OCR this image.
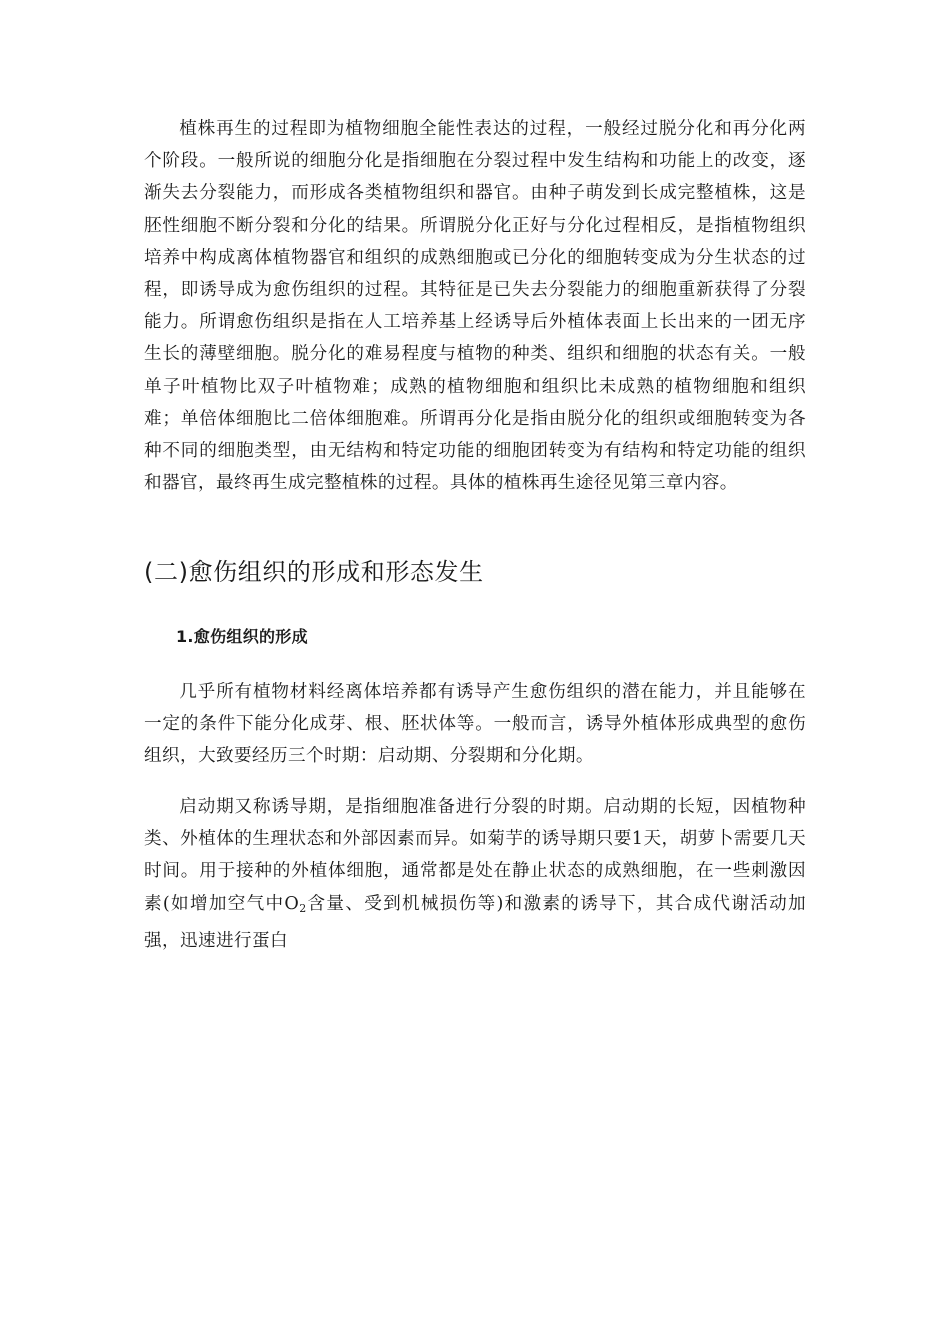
植株再生的过程即为植物细胞全能性表达的过程，一般经过脱分化和再分化两个阶段。一般所说的细胞分化是指细胞在分裂过程中发生结构和功能上的改变，逐渐失去分裂能力，而形成各类植物组织和器官。由种子萌发到长成完整植株，这是胚性细胞不断分裂和分化的结果。所谓脱分化正好与分化过程相反，是指植物组织培养中构成离体植物器官和组织的成熟细胞或已分化的细胞转变成为分生状态的过程，即诱导成为愈伤组织的过程。其特征是已失去分裂能力的细胞重新获得了分裂能力。所谓愈伤组织是指在人工培养基上经诱导后外植体表面上长出来的一团无序生长的薄壁细胞。脱分化的难易程度与植物的种类、组织和细胞的状态有关。一般单子叶植物比双子叶植物难；成熟的植物细胞和组织比未成熟的植物细胞和组织难；单倍体细胞比二倍体细胞难。所谓再分化是指由脱分化的组织或细胞转变为各种不同的细胞类型，由无结构和特定功能的细胞团转变为有结构和特定功能的组织和器官，最终再生成完整植株的过程。具体的植株再生途径见第三章内容。

(二)愈伤组织的形成和形态发生
1.愈伤组织的形成

几乎所有植物材料经离体培养都有诱导产生愈伤组织的潜在能力，并且能够在一定的条件下能分化成芽、根、胚状体等。一般而言，诱导外植体形成典型的愈伤组织，大致要经历三个时期：启动期、分裂期和分化期。

启动期又称诱导期，是指细胞准备进行分裂的时期。启动期的长短，因植物种类、外植体的生理状态和外部因素而异。如菊芋的诱导期只要1天，胡萝卜需要几天时间。用于接种的外植体细胞，通常都是处在静止状态的成熟细胞，在一些刺激因素(如增加空气中$O_2$含量、受到机械损伤等)和激素的诱导下，其合成代谢活动加强，迅速进行蛋白
